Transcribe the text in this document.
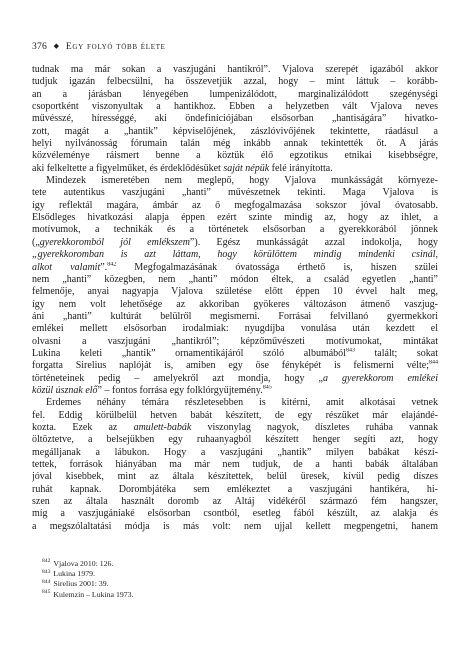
376 ◆ Egy folyó több élete
tudnak ma már sokan a vaszjugáni hantikról”. Vjalova szerepét igazából akkor
tudjuk igazán felbecsülni, ha összevetjük azzal, hogy – mint láttuk – korább-
an a járásban lényegében lumpenizálódott, marginalizálódott szegénységi
csoportként viszonyultak a hantikhoz. Ebben a helyzetben vált Vjalova neves
művésszé, hírességgé, aki öndefiníciójában elsősorban „hantiságára” hivatko-
zott, magát a „hantik” képviselőjének, zászlóvivőjének tekintette, ráadásul a
helyi nyilvánosság fórumain talán még inkább annak tekintették őt. A járás
közvéleménye ráismert benne a köztük élő egzotikus etnikai kisebbségre,
aki felkeltette a figyelműket, és érdeklődésüket saját népük felé irányította.
Mindezek ismeretében nem meglepő, hogy Vjalova munkásságát környeze-
tete autentikus vaszjugáni „hanti” művészetnek tekinti. Maga Vjalova is
így reflektál magára, ámbár az ő megfogalmazása sokszor jóval óvatosabb.
Elsődleges hivatkozási alapja éppen ezért szinte mindig az, hogy az ihlet, a
motívumok, a technikák és a történetek elsősorban a gyerekkorából jönnek
(„gyerekkoromból jól emlékszem”). Egész munkásságát azzal indokolja, hogy
„gyerekkoromban is azt láttam, hogy körülöttem mindig mindenki csinál,
alkot valamit”.$^{842}$ Megfogalmazásának óvatossága érthető is, hiszen szülei
nem „hanti” közegben, nem „hanti” módon éltek, a család egyetlen „hanti”
felmenője, anyai nagyapja Vjalova születése előtt éppen 10 évvel halt meg,
így nem volt lehetősége az akkoriban gyökeres változáson átmenő vaszjug-
áni „hanti” kultúrát belülről megismerni. Forrásai felvillanó gyermekkori
emlékei mellett elsősorban irodalmiak: nyugdíjba vonulása után kezdett el
olvasni a vaszjugáni „hantikról”; képzőművészeti motívumokat, mintákat
Lukina keleti „hantik” ornamentikájáról szóló albumából$^{843}$ talált; sokat
forgatta Sirelius naplóját is, amiben egy öse fényképét is felismerni vélte;$^{844}$
történeteinek pedig – amelyekről azt mondja, hogy „a gyerekkorom emlékei
közül úsznak elő” – fontos forrása egy folklórgyűjtemény.$^{845}$
Érdemes néhány témára részletesebben is kitérni, amit alkotásai vetnek
fel. Eddig körülbelül hetven babát készített, de egy részüket már elajándé-
kozta. Ezek az amulett-babák viszonylag nagyok, díszletes ruhába vannak
öltöztetve, a belsejükben egy ruhaanyagból készített henger segíti azt, hogy
megálljanak a lábukon. Hogy a vaszjugáni „hantik” milyen babákat készí-
tettek, források hiányában ma már nem tudjuk, de a hanti babák általában
jóval kisebbek, mint az általa készítettek, belül üresek, kívül pedig díszes
ruhát kapnak. Dorombjátéka sem emlékeztet a vaszjugáni hantikéra, hi-
szen az általa használt doromb az Altáj vidékéről származó fém hangszer,
míg a vaszjugániaké elsősorban csontból, esetleg fából készült, az alakja és
a megszólaltatási módja is más volt: nem ujjal kellett megpengetni, hanem
$^{842}$ Vjalova 2010: 126.
$^{843}$ Lukina 1979.
$^{844}$ Sirelius 2001: 39.
$^{845}$ Kulemzin – Lukina 1973.
